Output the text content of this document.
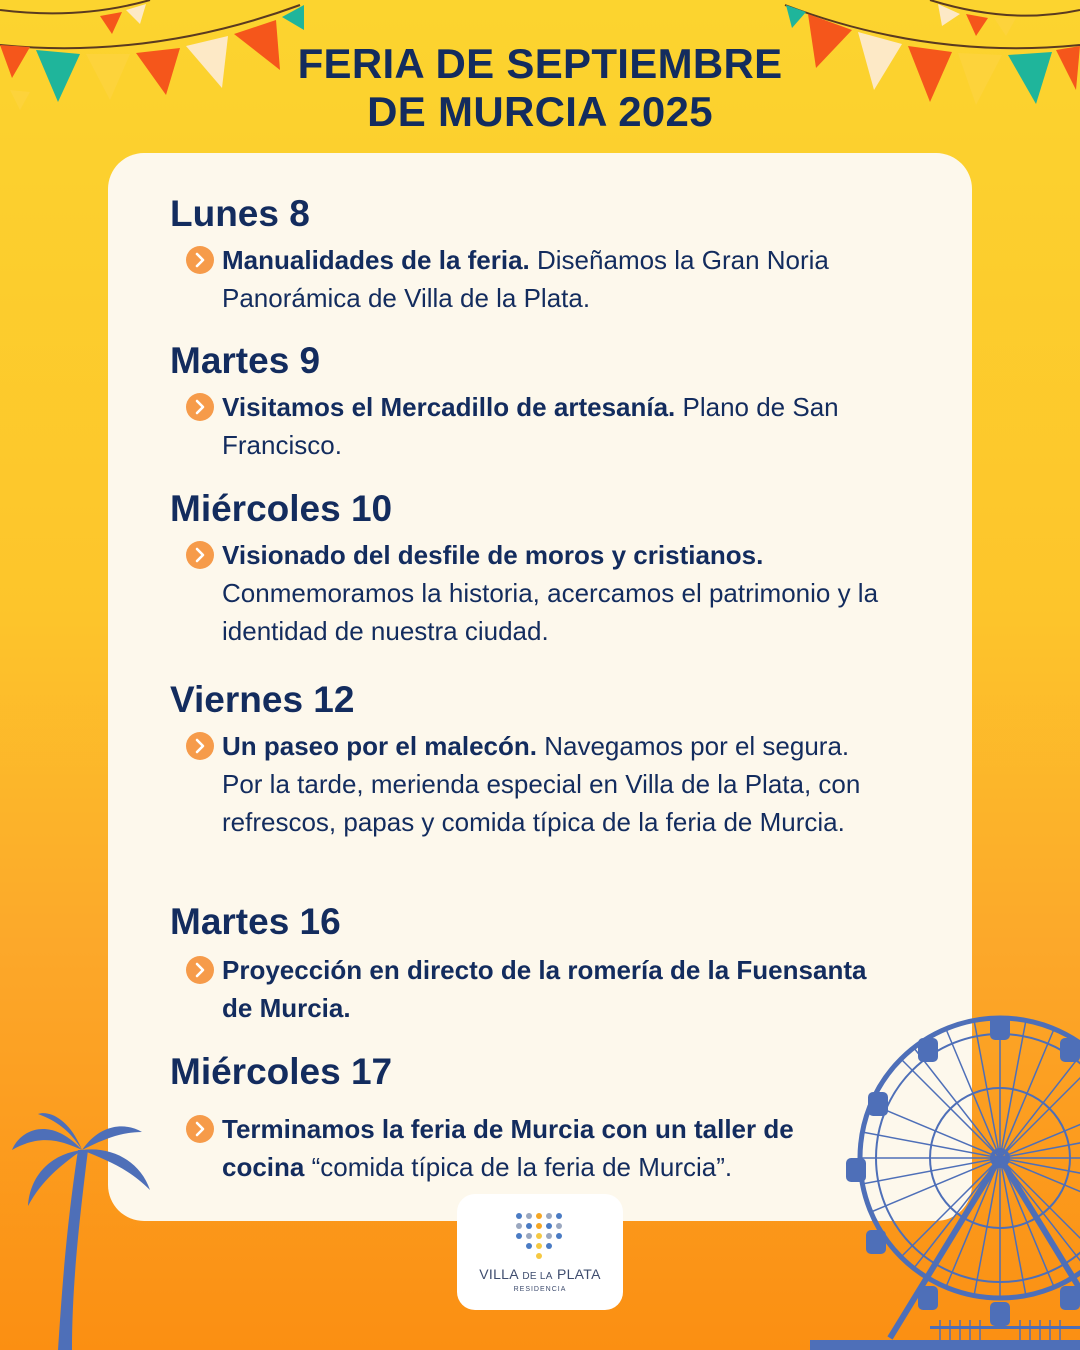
FERIA DE SEPTIEMBRE
DE MURCIA 2025
Lunes 8
Manualidades de la feria. Diseñamos la Gran Noria Panorámica de Villa de la Plata.
Martes 9
Visitamos el Mercadillo de artesanía. Plano de San Francisco.
Miércoles 10
Visionado del desfile de moros y cristianos. Conmemoramos la historia, acercamos el patrimonio y la identidad de nuestra ciudad.
Viernes 12
Un paseo por el malecón. Navegamos por el segura. Por la tarde, merienda especial en Villa de la Plata, con refrescos, papas y comida típica de la feria de Murcia.
Martes 16
Proyección en directo de la romería de la Fuensanta de Murcia.
Miércoles 17
Terminamos la feria de Murcia con un taller de cocina “comida típica de la feria de Murcia”.
VILLA DE LA PLATA
RESIDENCIA
